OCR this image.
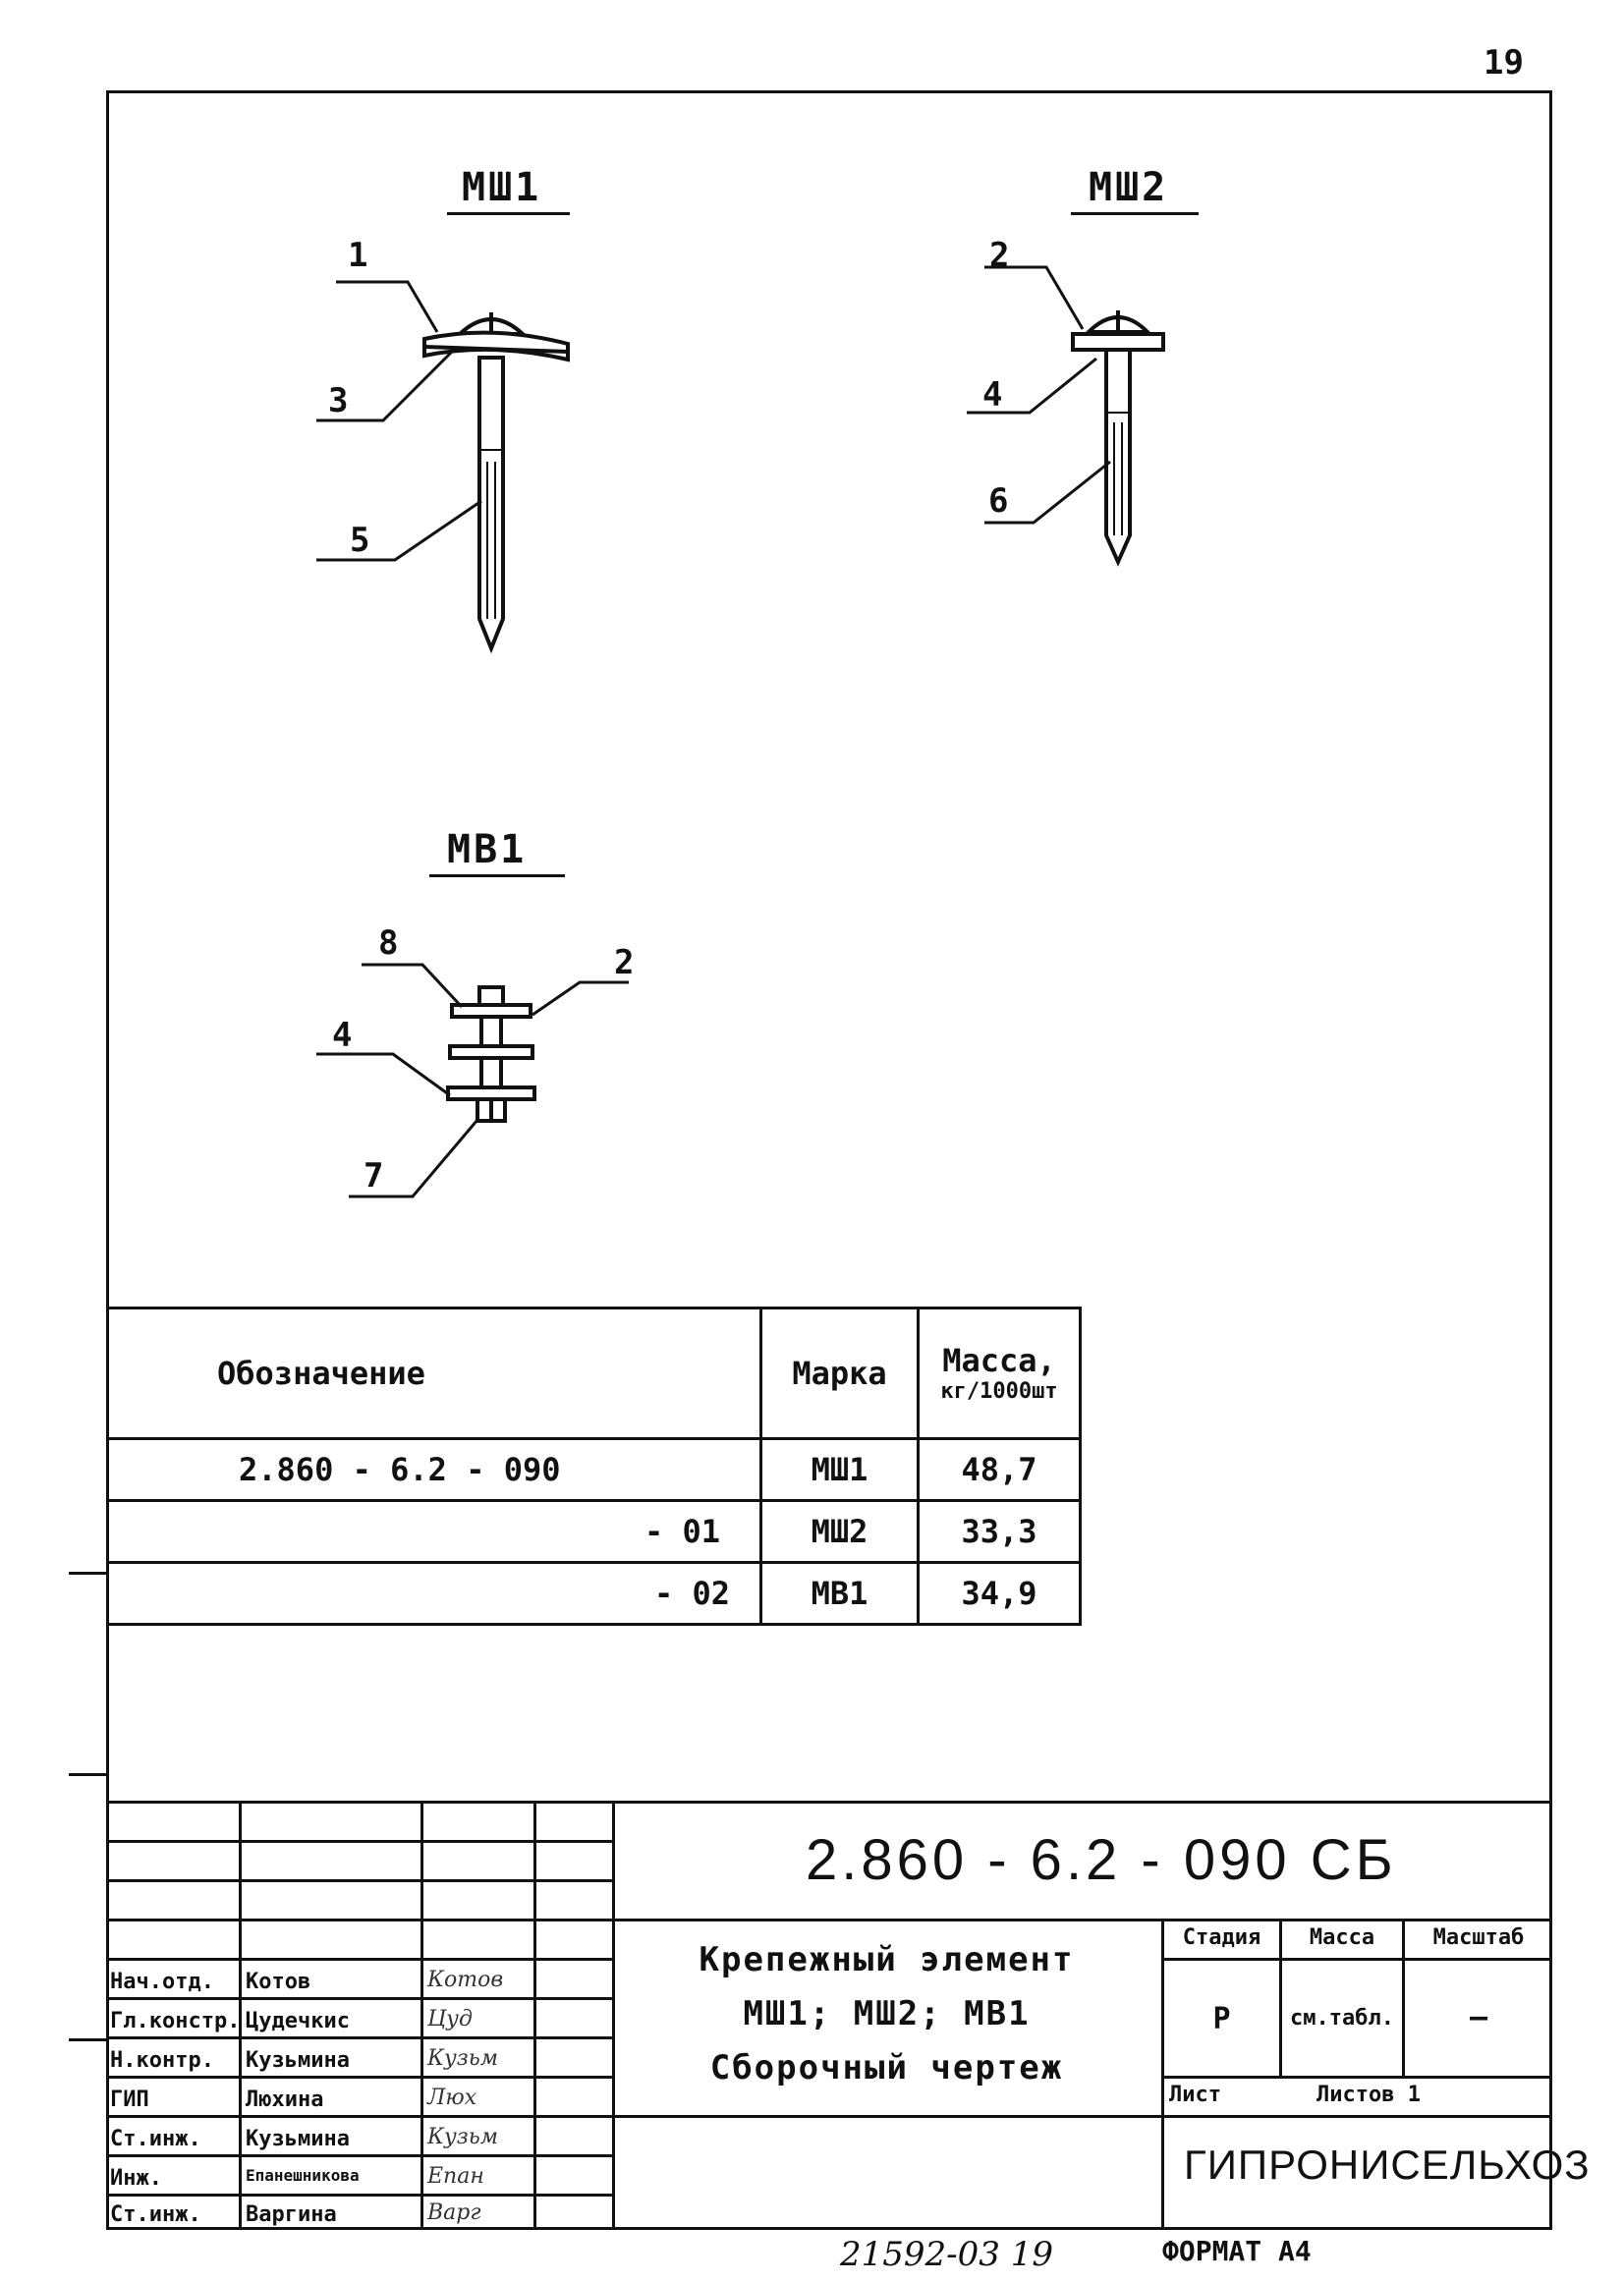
19
МШ1	МШ2
МВ1
1
3
5
2
4
6
8	2
4
7
Обозначение	Марка	Масса,
кг/1000шт

2.860 - 6.2 - 090	МШ1	48,7
- 01	МШ2	33,3
- 02	МВ1	34,9
Нач.отд. Котов	Котов
Гл.констр. Цудечкис	Цуд
Н.контр. Кузьмина	Кузьм
ГИП	Люхина	Люх
Ст.инж. Кузьмина	Кузьм
Инж.	Епанешникова	Епан
Ст.инж. Варгина	Варг
2.860 - 6.2 - 090 СБ
Крепежный элемент
МШ1; МШ2; МВ1
Сборочный чертеж
Стадия	Масса	Масштаб
Р	см.табл.	—
Лист	Листов 1
ГИПРОНИСЕЛЬХОЗ
21592-03 19	ФОРМАТ А4
